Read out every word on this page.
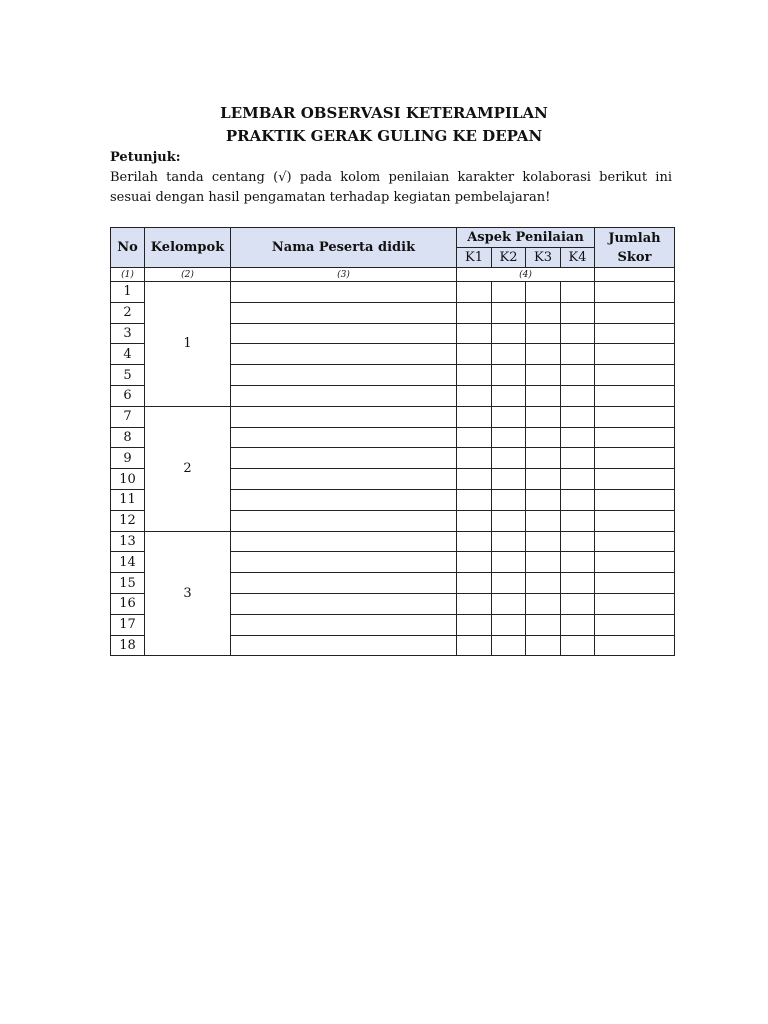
LEMBAR OBSERVASI KETERAMPILAN
PRAKTIK GERAK GULING KE DEPAN
Petunjuk:
Berilah tanda centang (√) pada kolom penilaian karakter kolaborasi berikut ini sesuai dengan hasil pengamatan terhadap kegiatan pembelajaran!
No	Kelompok	Nama Peserta didik	Aspek Penilaian				Jumlah Skor
			K1	K2	K3	K4	
(1)	(2)	(3)	(4)				
1	1						
2							
3							
4							
5							
6							
7	2						
8							
9							
10							
11							
12							
13	3						
14							
15							
16							
17							
18							
